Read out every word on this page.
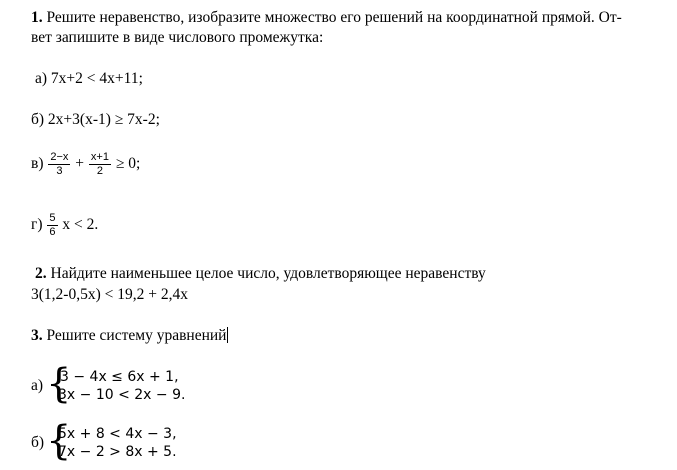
1. Решите неравенство, изобразите множество его решений на координатной прямой. От-
вет запишите в виде числового промежутка:
а) 7х+2 < 4х+11;
б) 2х+3(х-1) ≥ 7х-2;
$в) \frac{2-x}{3} + \frac{x+1}{2} \ge 0$;
$г) \frac{5}{6}$ x < 2.
2. Найдите наименьшее целое число, удовлетворяющее неравенству
3(1,2-0,5х) < 19,2 + 2,4х
3. Решите систему уравнений
а) {
3 − 4x ≤ 6x + 1,
3x − 10 < 2x − 9.
б) {
5x + 8 < 4x − 3,
7x − 2 > 8x + 5.
